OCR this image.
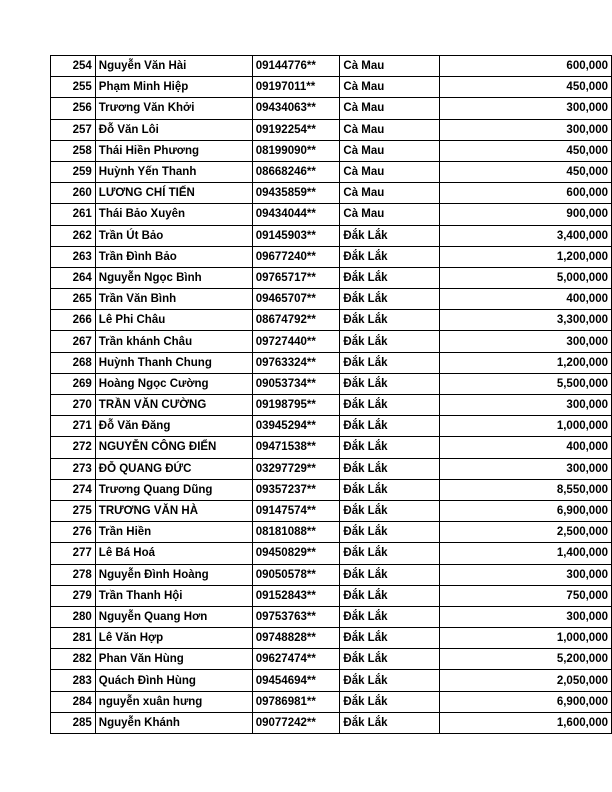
254	Nguyễn Văn Hài	09144776**	Cà Mau	600,000
255	Phạm Minh Hiệp	09197011**	Cà Mau	450,000
256	Trương Văn Khởi	09434063**	Cà Mau	300,000
257	Đỗ Văn Lôi	09192254**	Cà Mau	300,000
258	Thái Hiền Phương	08199090**	Cà Mau	450,000
259	Huỳnh Yến Thanh	08668246**	Cà Mau	450,000
260	LƯƠNG CHÍ TIẾN	09435859**	Cà Mau	600,000
261	Thái Bảo Xuyên	09434044**	Cà Mau	900,000
262	Trần Út Bảo	09145903**	Đắk Lắk	3,400,000
263	Trần Đình Bảo	09677240**	Đắk Lắk	1,200,000
264	Nguyễn Ngọc Bình	09765717**	Đắk Lắk	5,000,000
265	Trần Văn Bình	09465707**	Đắk Lắk	400,000
266	Lê Phi Châu	08674792**	Đắk Lắk	3,300,000
267	Trần khánh Châu	09727440**	Đắk Lắk	300,000
268	Huỳnh Thanh Chung	09763324**	Đắk Lắk	1,200,000
269	Hoàng Ngọc Cường	09053734**	Đắk Lắk	5,500,000
270	TRẦN VĂN CƯỜNG	09198795**	Đắk Lắk	300,000
271	Đỗ Văn Đăng	03945294**	Đắk Lắk	1,000,000
272	NGUYỄN CÔNG ĐIỂN	09471538**	Đắk Lắk	400,000
273	ĐỖ QUANG ĐỨC	03297729**	Đắk Lắk	300,000
274	Trương Quang Dũng	09357237**	Đắk Lắk	8,550,000
275	TRƯƠNG VĂN HÀ	09147574**	Đắk Lắk	6,900,000
276	Trần Hiền	08181088**	Đắk Lắk	2,500,000
277	Lê Bá Hoá	09450829**	Đắk Lắk	1,400,000
278	Nguyễn Đình Hoàng	09050578**	Đắk Lắk	300,000
279	Trần Thanh Hội	09152843**	Đắk Lắk	750,000
280	Nguyễn Quang Hơn	09753763**	Đắk Lắk	300,000
281	Lê Văn Hợp	09748828**	Đắk Lắk	1,000,000
282	Phan Văn Hùng	09627474**	Đắk Lắk	5,200,000
283	Quách Đình Hùng	09454694**	Đắk Lắk	2,050,000
284	nguyễn xuân hưng	09786981**	Đắk Lắk	6,900,000
285	Nguyễn Khánh	09077242**	Đắk Lắk	1,600,000
